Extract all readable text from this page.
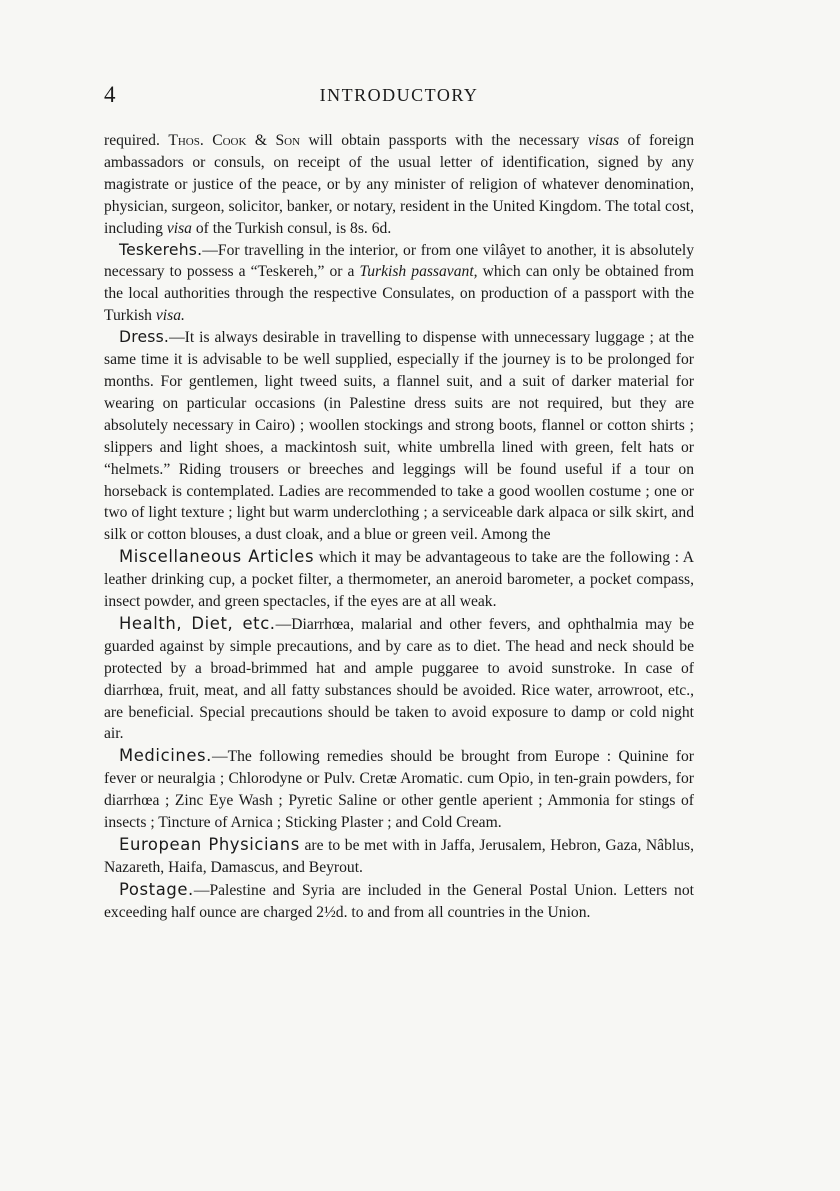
4	INTRODUCTORY

required. Thos. Cook & Son will obtain passports with the necessary visas of foreign ambassadors or consuls, on receipt of the usual letter of identification, signed by any magistrate or justice of the peace, or by any minister of religion of whatever denomination, physician, surgeon, solicitor, banker, or notary, resident in the United Kingdom. The total cost, including visa of the Turkish consul, is 8s. 6d.

Teskerehs.—For travelling in the interior, or from one vilâyet to another, it is absolutely necessary to possess a “Teskereh,” or a Turkish passavant, which can only be obtained from the local authorities through the respective Consulates, on production of a passport with the Turkish visa.

Dress.—It is always desirable in travelling to dispense with unnecessary luggage ; at the same time it is advisable to be well supplied, especially if the journey is to be prolonged for months. For gentlemen, light tweed suits, a flannel suit, and a suit of darker material for wearing on particular occasions (in Palestine dress suits are not required, but they are absolutely necessary in Cairo) ; woollen stockings and strong boots, flannel or cotton shirts ; slippers and light shoes, a mackintosh suit, white umbrella lined with green, felt hats or “helmets.” Riding trousers or breeches and leggings will be found useful if a tour on horseback is contemplated. Ladies are recommended to take a good woollen costume ; one or two of light texture ; light but warm underclothing ; a serviceable dark alpaca or silk skirt, and silk or cotton blouses, a dust cloak, and a blue or green veil. Among the

Miscellaneous Articles which it may be advantageous to take are the following : A leather drinking cup, a pocket filter, a thermometer, an aneroid barometer, a pocket compass, insect powder, and green spectacles, if the eyes are at all weak.

Health, Diet, etc.—Diarrhœa, malarial and other fevers, and ophthalmia may be guarded against by simple precautions, and by care as to diet. The head and neck should be protected by a broad-brimmed hat and ample puggaree to avoid sunstroke. In case of diarrhœa, fruit, meat, and all fatty substances should be avoided. Rice water, arrowroot, etc., are beneficial. Special precautions should be taken to avoid exposure to damp or cold night air.

Medicines.—The following remedies should be brought from Europe : Quinine for fever or neuralgia ; Chlorodyne or Pulv. Cretæ Aromatic. cum Opio, in ten-grain powders, for diarrhœa ; Zinc Eye Wash ; Pyretic Saline or other gentle aperient ; Ammonia for stings of insects ; Tincture of Arnica ; Sticking Plaster ; and Cold Cream.

European Physicians are to be met with in Jaffa, Jerusalem, Hebron, Gaza, Nâblus, Nazareth, Haifa, Damascus, and Beyrout.

Postage.—Palestine and Syria are included in the General Postal Union. Letters not exceeding half ounce are charged 2½d. to and from all countries in the Union.
